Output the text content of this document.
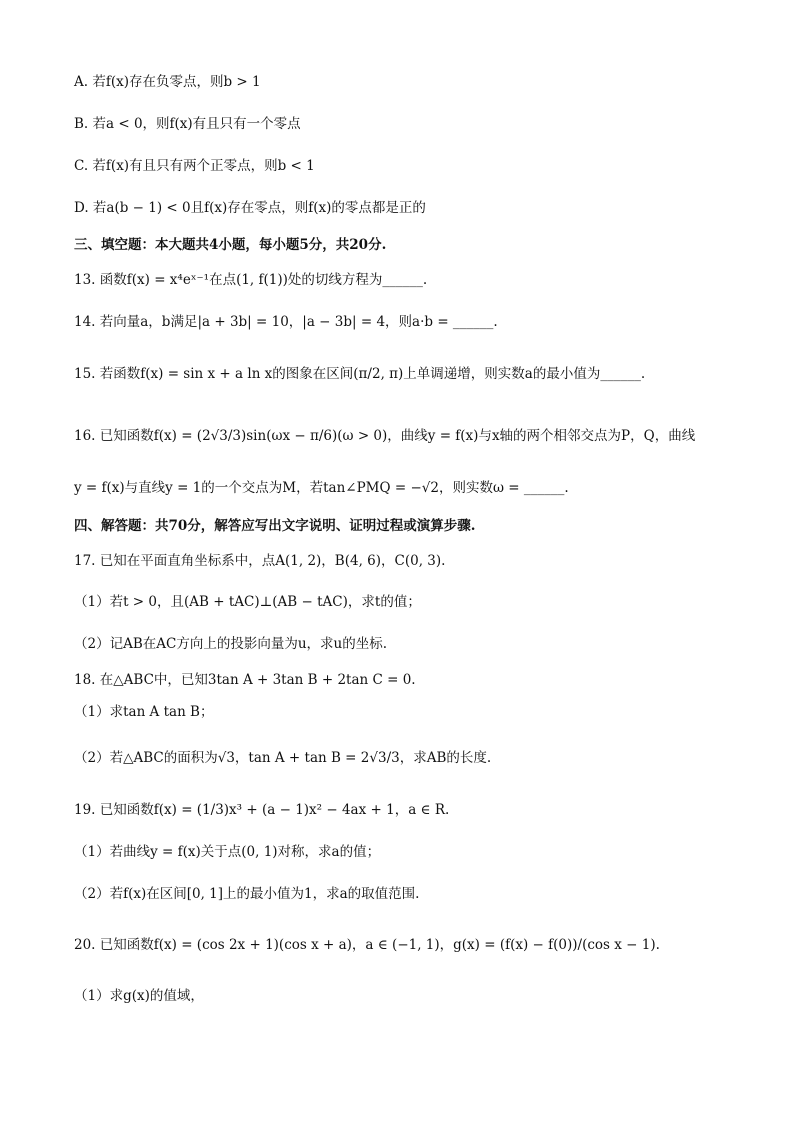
A. 若f(x)存在负零点，则b > 1
B. 若a < 0，则f(x)有且只有一个零点
C. 若f(x)有且只有两个正零点，则b < 1
D. 若a(b − 1) < 0且f(x)存在零点，则f(x)的零点都是正的
三、填空题：本大题共4小题，每小题5分，共20分.
13. 函数f(x) = x⁴eˣ⁻¹在点(1, f(1))处的切线方程为______.
14. 若向量a，b满足|a + 3b| = 10，|a − 3b| = 4，则a·b = ______.
15. 若函数f(x) = sin x + a ln x的图象在区间(π/2, π)上单调递增，则实数a的最小值为______.
16. 已知函数f(x) = (2√3/3)sin(ωx − π/6)(ω > 0)，曲线y = f(x)与x轴的两个相邻交点为P，Q，曲线
y = f(x)与直线y = 1的一个交点为M，若tan∠PMQ = −√2，则实数ω = ______.
四、解答题：共70分，解答应写出文字说明、证明过程或演算步骤.
17. 已知在平面直角坐标系中，点A(1, 2)，B(4, 6)，C(0, 3).
（1）若t > 0，且(AB + tAC)⊥(AB − tAC)，求t的值；
（2）记AB在AC方向上的投影向量为u，求u的坐标.
18. 在△ABC中，已知3tan A + 3tan B + 2tan C = 0.
（1）求tan A tan B；
（2）若△ABC的面积为√3，tan A + tan B = 2√3/3，求AB的长度.
19. 已知函数f(x) = (1/3)x³ + (a − 1)x² − 4ax + 1，a ∈ R.
（1）若曲线y = f(x)关于点(0, 1)对称，求a的值；
（2）若f(x)在区间[0, 1]上的最小值为1，求a的取值范围.
20. 已知函数f(x) = (cos 2x + 1)(cos x + a)，a ∈ (−1, 1)，g(x) = (f(x) − f(0))/(cos x − 1).
（1）求g(x)的值域，
